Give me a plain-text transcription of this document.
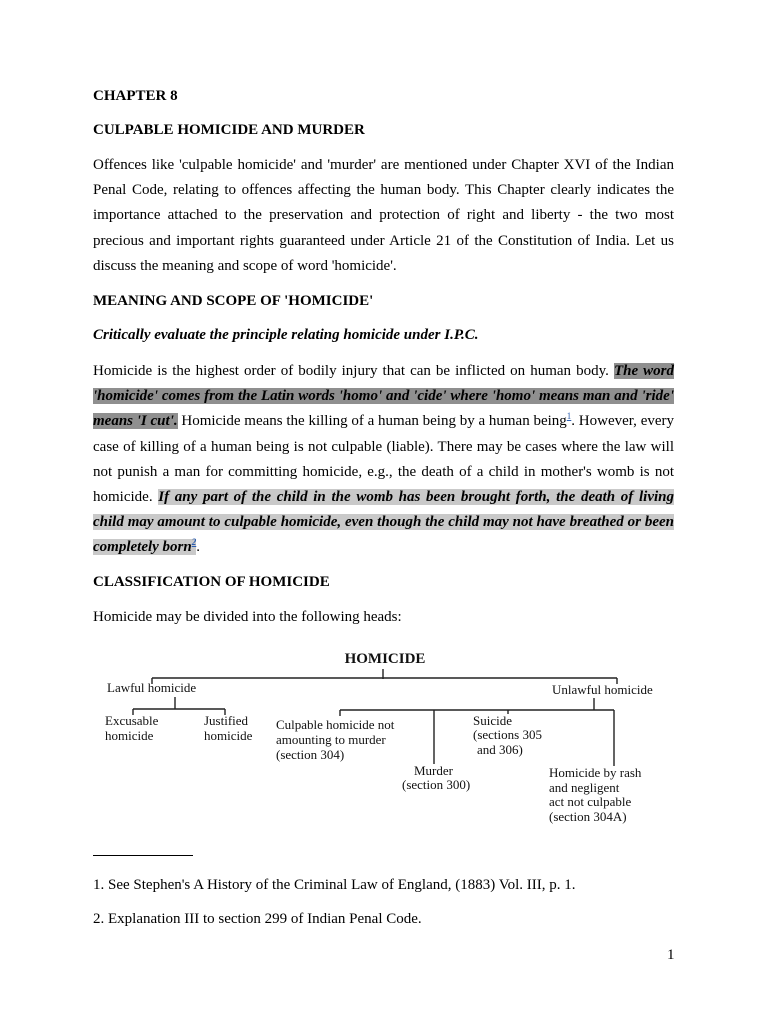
CHAPTER 8

CULPABLE HOMICIDE AND MURDER

Offences like 'culpable homicide' and 'murder' are mentioned under Chapter XVI of the Indian Penal Code, relating to offences affecting the human body. This Chapter clearly indicates the importance attached to the preservation and protection of right and liberty - the two most precious and important rights guaranteed under Article 21 of the Constitution of India. Let us discuss the meaning and scope of word 'homicide'.

MEANING AND SCOPE OF 'HOMICIDE'

Critically evaluate the principle relating homicide under I.P.C.

Homicide is the highest order of bodily injury that can be inflicted on human body. The word 'homicide' comes from the Latin words 'homo' and 'cide' where 'homo' means man and 'ride' means 'I cut'. Homicide means the killing of a human being by a human being$^1$. However, every case of killing of a human being is not culpable (liable). There may be cases where the law will not punish a man for committing homicide, e.g., the death of a child in mother's womb is not homicide. If any part of the child in the womb has been brought forth, the death of living child may amount to culpable homicide, even though the child may not have breathed or been completely born$^2$.

CLASSIFICATION OF HOMICIDE

Homicide may be divided into the following heads:

HOMICIDE
Lawful homicide	Unlawful homicide
Excusable
homicide
Justified
homicide
Culpable homicide not
amounting to murder
(section 304)
Suicide
(sections 305
and 306)
Murder
(section 300)
Homicide by rash
and negligent
act not culpable
(section 304A)

1. See Stephen's A History of the Criminal Law of England, (1883) Vol. III, p. 1.

2. Explanation III to section 299 of Indian Penal Code.

1
